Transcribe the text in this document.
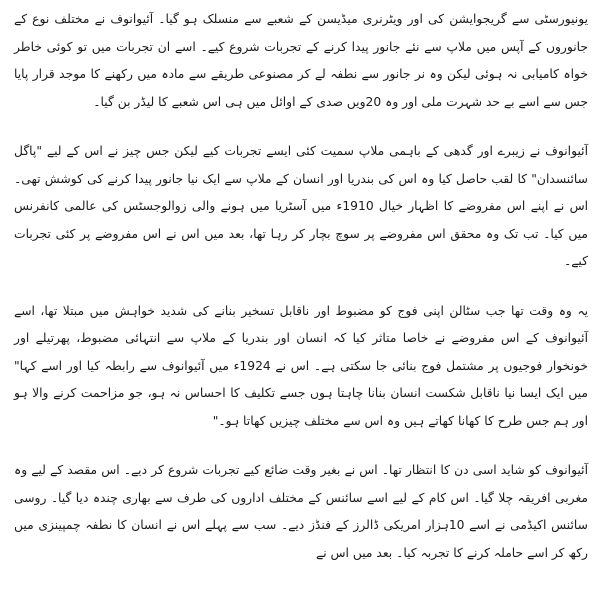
یونیورسٹی سے گریجوایشن کی اور ویٹرنری میڈیسن کے شعبے سے منسلک ہو گیا۔ آئیوانوف نے مختلف نوع کے جانوروں کے آپس میں ملاپ سے نئے جانور پیدا کرنے کے تجربات شروع کیے۔ اسے ان تجربات میں تو کوئی خاطر خواہ کامیابی نہ ہوئی لیکن وہ نر جانور سے نطفہ لے کر مصنوعی طریقے سے مادہ میں رکھنے کا موجد قرار پایا جس سے اسے بے حد شہرت ملی اور وہ 20ویں صدی کے اوائل میں ہی اس شعبے کا لیڈر بن گیا۔

آئیوانوف نے زیبرے اور گدھی کے باہمی ملاپ سمیت کئی ایسے تجربات کیے لیکن جس چیز نے اس کے لیے "پاگل سائنسدان" کا لقب حاصل کیا وہ اس کی بندریا اور انسان کے ملاپ سے ایک نیا جانور پیدا کرنے کی کوشش تھی۔ اس نے اپنے اس مفروضے کا اظہار خیال 1910ء میں آسٹریا میں ہونے والی زوالوجسٹس کی عالمی کانفرنس میں کیا۔ تب تک وہ محقق اس مفروضے پر سوچ بچار کر رہا تھا، بعد میں اس نے اس مفروضے پر کئی تجربات کیے۔

یہ وہ وقت تھا جب سٹالن اپنی فوج کو مضبوط اور ناقابل تسخیر بنانے کی شدید خواہش میں مبتلا تھا، اسے آئیوانوف کے اس مفروضے نے خاصا متاثر کیا کہ انسان اور بندریا کے ملاپ سے انتہائی مضبوط، پھرتیلے اور خونخوار فوجیوں پر مشتمل فوج بنائی جا سکتی ہے۔ اس نے 1924ء میں آئیوانوف سے رابطہ کیا اور اسے کہا" میں ایک ایسا نیا ناقابل شکست انسان بنانا چاہتا ہوں جسے تکلیف کا احساس نہ ہو، جو مزاحمت کرنے والا ہو اور ہم جس طرح کا کھانا کھاتے ہیں وہ اس سے مختلف چیزیں کھاتا ہو۔"

آئیوانوف کو شاید اسی دن کا انتظار تھا۔ اس نے بغیر وقت ضائع کیے تجربات شروع کر دیے۔ اس مقصد کے لیے وہ مغربی افریقہ چلا گیا۔ اس کام کے لیے اسے سائنس کے مختلف اداروں کی طرف سے بھاری چندہ دیا گیا۔ روسی سائنس اکیڈمی نے اسے 10ہزار امریکی ڈالرز کے فنڈز دیے۔ سب سے پہلے اس نے انسان کا نطفہ چمپینزی میں رکھ کر اسے حاملہ کرنے کا تجربہ کیا۔ بعد میں اس نے
